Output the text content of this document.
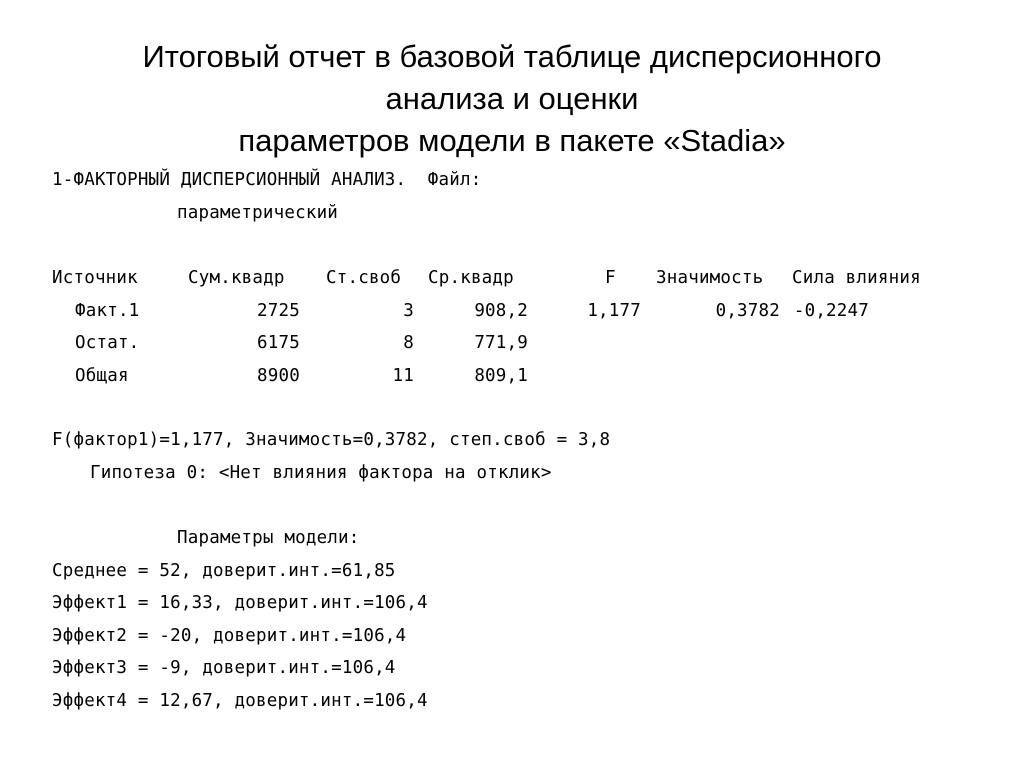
Итоговый отчет в базовой таблице дисперсионного
анализа и оценки
параметров модели в пакете «Stadia»
1-ФАКТОРНЫЙ ДИСПЕРСИОННЫЙ АНАЛИЗ.  Файл:
параметрический
Источник	Сум.квадр Ст.своб Ср.квадр	F Значимость Сила влияния
Факт.1	2725	3	908,2	1,177	0,3782 -0,2247
Остат.	6175	8	771,9
Общая	8900	11	809,1
F(фактор1)=1,177, Значимость=0,3782, степ.своб = 3,8
Гипотеза 0: <Нет влияния фактора на отклик>
Параметры модели:
Среднее = 52, доверит.инт.=61,85
Эффект1 = 16,33, доверит.инт.=106,4
Эффект2 = -20, доверит.инт.=106,4
Эффект3 = -9, доверит.инт.=106,4
Эффект4 = 12,67, доверит.инт.=106,4
